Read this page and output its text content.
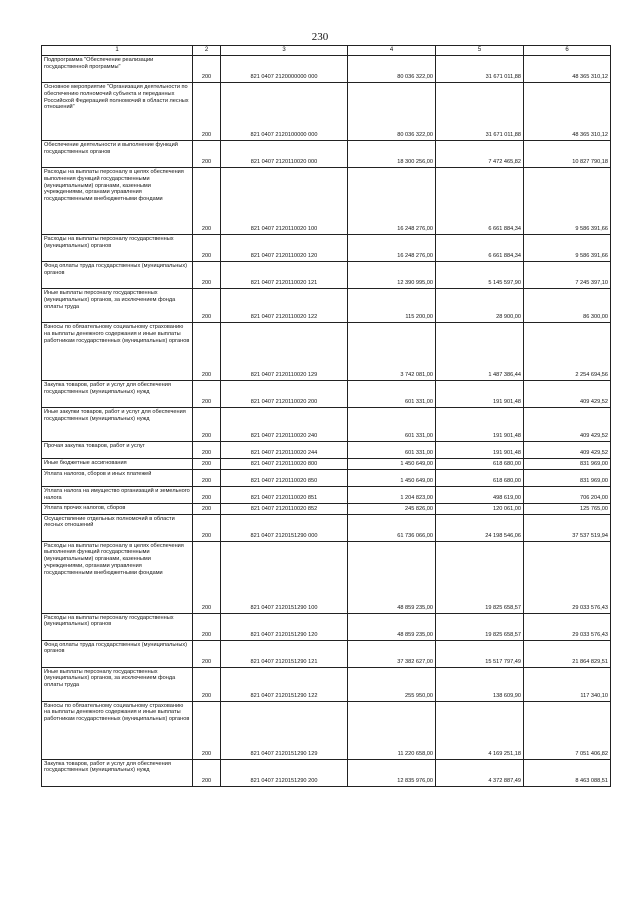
230
1	2	3	4	5	6
Подпрограмма "Обеспечение реализации государственной программы"	200	821 0407 2120000000 000	80 036 322,00	31 671 011,88	48 365 310,12
Основное мероприятие "Организация деятельности по обеспечению полномочий субъекта и переданных Российской Федерацией полномочий в области лесных отношений"	200	821 0407 2120100000 000	80 036 322,00	31 671 011,88	48 365 310,12
Обеспечение деятельности и выполнение функций государственных органов	200	821 0407 2120110020 000	18 300 256,00	7 472 465,82	10 827 790,18
Расходы на выплаты персоналу в целях обеспечения выполнения функций государственными (муниципальными) органами, казенными учреждениями, органами управления государственными внебюджетными фондами	200	821 0407 2120110020 100	16 248 276,00	6 661 884,34	9 586 391,66
Расходы на выплаты персоналу государственных (муниципальных) органов	200	821 0407 2120110020 120	16 248 276,00	6 661 884,34	9 586 391,66
Фонд оплаты труда государственных (муниципальных) органов	200	821 0407 2120110020 121	12 390 995,00	5 145 597,90	7 245 397,10
Иные выплаты персоналу государственных (муниципальных) органов, за исключением фонда оплаты труда	200	821 0407 2120110020 122	115 200,00	28 900,00	86 300,00
Взносы по обязательному социальному страхованию на выплаты денежного содержания и иные выплаты работникам государственных (муниципальных) органов	200	821 0407 2120110020 129	3 742 081,00	1 487 386,44	2 254 694,56
Закупка товаров, работ и услуг для обеспечения государственных (муниципальных) нужд	200	821 0407 2120110020 200	601 331,00	191 901,48	409 429,52
Иные закупки товаров, работ и услуг для обеспечения государственных (муниципальных) нужд	200	821 0407 2120110020 240	601 331,00	191 901,48	409 429,52
Прочая закупка товаров, работ и услуг	200	821 0407 2120110020 244	601 331,00	191 901,48	409 429,52
Иные бюджетные ассигнования	200	821 0407 2120110020 800	1 450 649,00	618 680,00	831 969,00
Уплата налогов, сборов и иных платежей	200	821 0407 2120110020 850	1 450 649,00	618 680,00	831 969,00
Уплата налога на имущество организаций и земельного налога	200	821 0407 2120110020 851	1 204 823,00	498 619,00	706 204,00
Уплата прочих налогов, сборов	200	821 0407 2120110020 852	245 826,00	120 061,00	125 765,00
Осуществление отдельных полномочий в области лесных отношений	200	821 0407 2120151290 000	61 736 066,00	24 198 546,06	37 537 519,94
Расходы на выплаты персоналу в целях обеспечения выполнения функций государственными (муниципальными) органами, казенными учреждениями, органами управления государственными внебюджетными фондами	200	821 0407 2120151290 100	48 859 235,00	19 825 658,57	29 033 576,43
Расходы на выплаты персоналу государственных (муниципальных) органов	200	821 0407 2120151290 120	48 859 235,00	19 825 658,57	29 033 576,43
Фонд оплаты труда государственных (муниципальных) органов	200	821 0407 2120151290 121	37 382 627,00	15 517 797,49	21 864 829,51
Иные выплаты персоналу государственных (муниципальных) органов, за исключением фонда оплаты труда	200	821 0407 2120151290 122	255 950,00	138 609,90	117 340,10
Взносы по обязательному социальному страхованию на выплаты денежного содержания и иные выплаты работникам государственных (муниципальных) органов	200	821 0407 2120151290 129	11 220 658,00	4 169 251,18	7 051 406,82
Закупка товаров, работ и услуг для обеспечения государственных (муниципальных) нужд	200	821 0407 2120151290 200	12 835 976,00	4 372 887,49	8 463 088,51
